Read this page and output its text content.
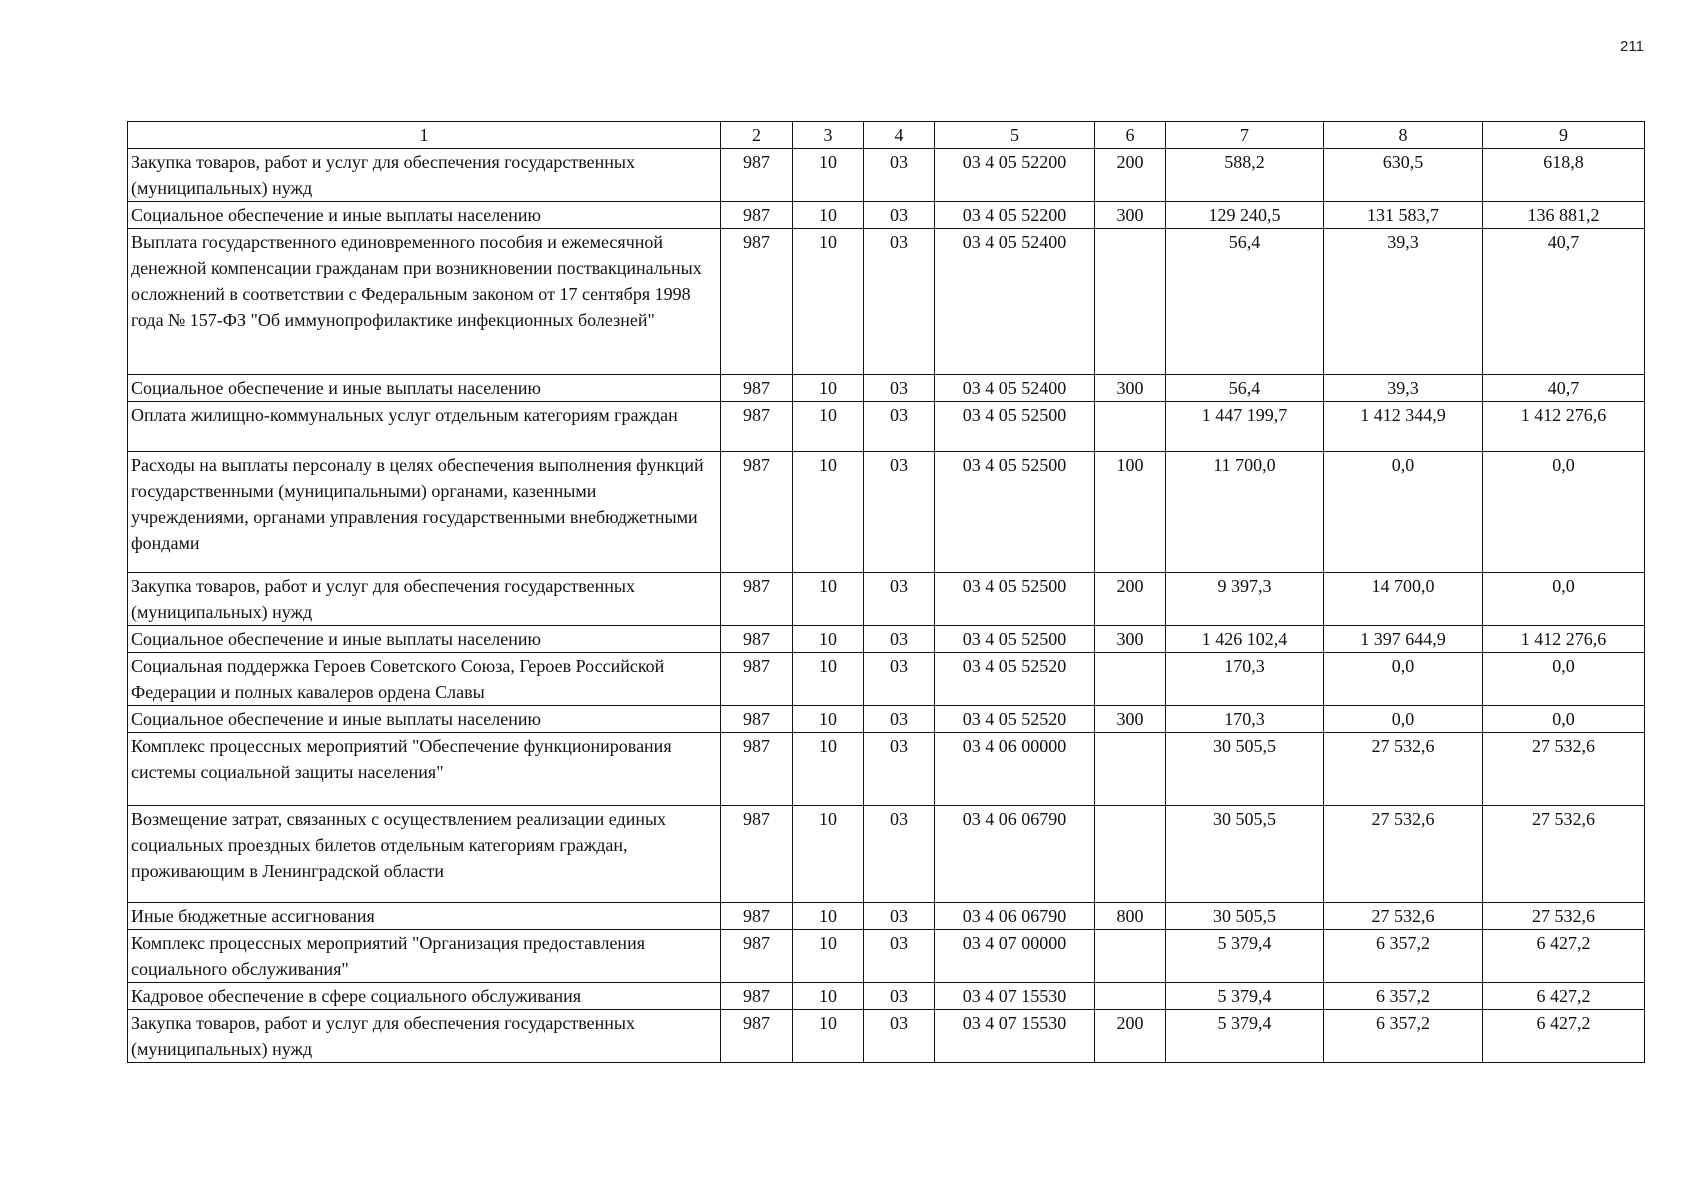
211
1	2	3	4	5	6	7	8	9
Закупка товаров, работ и услуг для обеспечения государственных (муниципальных) нужд	987	10	03	03 4 05 52200	200	588,2	630,5	618,8
Социальное обеспечение и иные выплаты населению	987	10	03	03 4 05 52200	300	129 240,5	131 583,7	136 881,2
Выплата государственного единовременного пособия и ежемесячной денежной компенсации гражданам при возникновении поствакцинальных осложнений в соответствии с Федеральным законом от 17 сентября 1998 года № 157-ФЗ "Об иммунопрофилактике инфекционных болезней"	987	10	03	03 4 05 52400		56,4	39,3	40,7
Социальное обеспечение и иные выплаты населению	987	10	03	03 4 05 52400	300	56,4	39,3	40,7
Оплата жилищно-коммунальных услуг отдельным категориям граждан	987	10	03	03 4 05 52500		1 447 199,7	1 412 344,9	1 412 276,6
Расходы на выплаты персоналу в целях обеспечения выполнения функций государственными (муниципальными) органами, казенными учреждениями, органами управления государственными внебюджетными фондами	987	10	03	03 4 05 52500	100	11 700,0	0,0	0,0
Закупка товаров, работ и услуг для обеспечения государственных (муниципальных) нужд	987	10	03	03 4 05 52500	200	9 397,3	14 700,0	0,0
Социальное обеспечение и иные выплаты населению	987	10	03	03 4 05 52500	300	1 426 102,4	1 397 644,9	1 412 276,6
Социальная поддержка Героев Советского Союза, Героев Российской Федерации и полных кавалеров ордена Славы	987	10	03	03 4 05 52520		170,3	0,0	0,0
Социальное обеспечение и иные выплаты населению	987	10	03	03 4 05 52520	300	170,3	0,0	0,0
Комплекс процессных мероприятий "Обеспечение функционирования системы социальной защиты населения"	987	10	03	03 4 06 00000		30 505,5	27 532,6	27 532,6
Возмещение затрат, связанных с осуществлением реализации единых социальных проездных билетов отдельным категориям граждан, проживающим в Ленинградской области	987	10	03	03 4 06 06790		30 505,5	27 532,6	27 532,6
Иные бюджетные ассигнования	987	10	03	03 4 06 06790	800	30 505,5	27 532,6	27 532,6
Комплекс процессных мероприятий "Организация предоставления социального обслуживания"	987	10	03	03 4 07 00000		5 379,4	6 357,2	6 427,2
Кадровое обеспечение в сфере социального обслуживания	987	10	03	03 4 07 15530		5 379,4	6 357,2	6 427,2
Закупка товаров, работ и услуг для обеспечения государственных (муниципальных) нужд	987	10	03	03 4 07 15530	200	5 379,4	6 357,2	6 427,2
